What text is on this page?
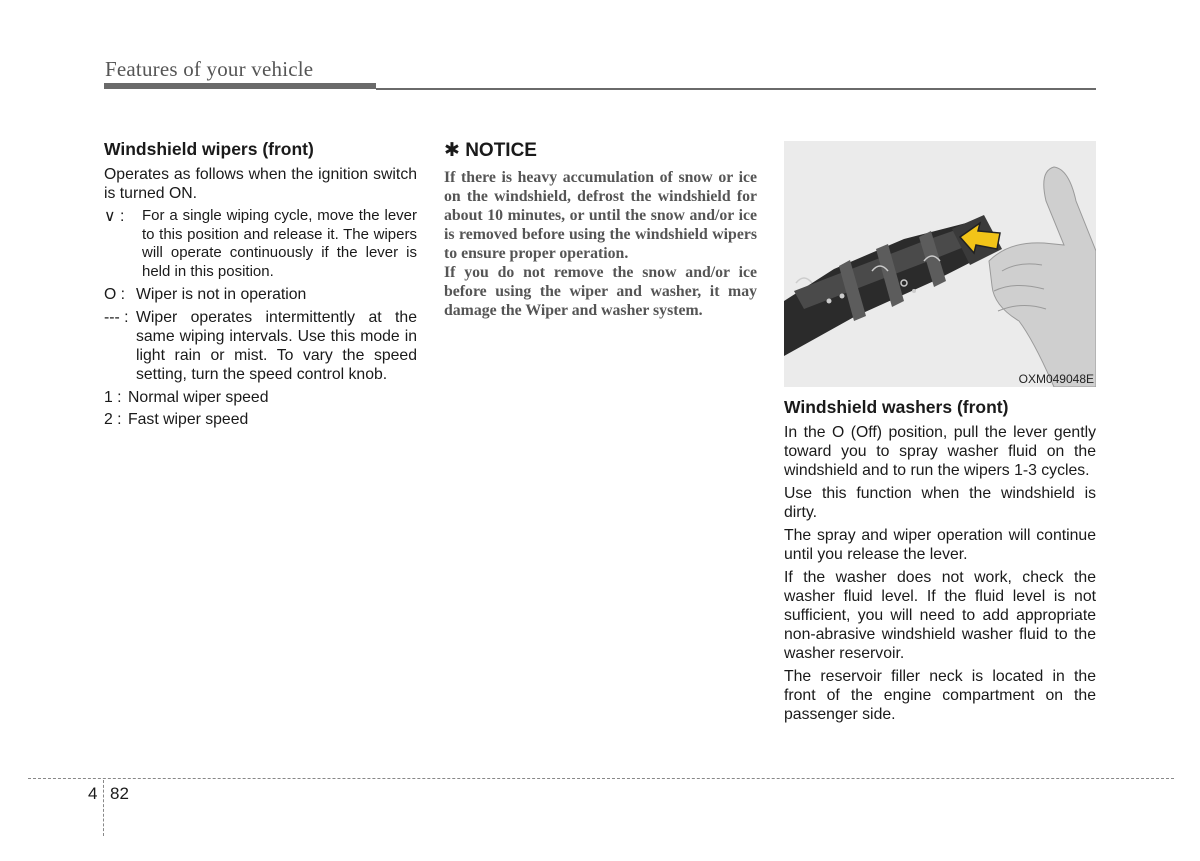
Features of your vehicle
Windshield wipers (front)

Operates as follows when the ignition switch is turned ON.

∨ : For a single wiping cycle, move the lever to this position and release it. The wipers will operate continuously if the lever is held in this position.
O : Wiper is not in operation
--- : Wiper operates intermittently at the same wiping intervals. Use this mode in light rain or mist. To vary the speed setting, turn the speed control knob.
1 : Normal wiper speed
2 : Fast wiper speed
✱ NOTICE

If there is heavy accumulation of snow or ice on the windshield, defrost the windshield for about 10 minutes, or until the snow and/or ice is removed before using the windshield wipers to ensure proper operation.

If you do not remove the snow and/or ice before using the wiper and washer, it may damage the Wiper and washer system.

OXM049048E
Windshield washers (front)

In the O (Off) position, pull the lever gently toward you to spray washer fluid on the windshield and to run the wipers 1-3 cycles.

Use this function when the windshield is dirty.

The spray and wiper operation will continue until you release the lever.

If the washer does not work, check the washer fluid level. If the fluid level is not sufficient, you will need to add appropriate non-abrasive windshield washer fluid to the washer reservoir.

The reservoir filler neck is located in the front of the engine compartment on the passenger side.

4 82
